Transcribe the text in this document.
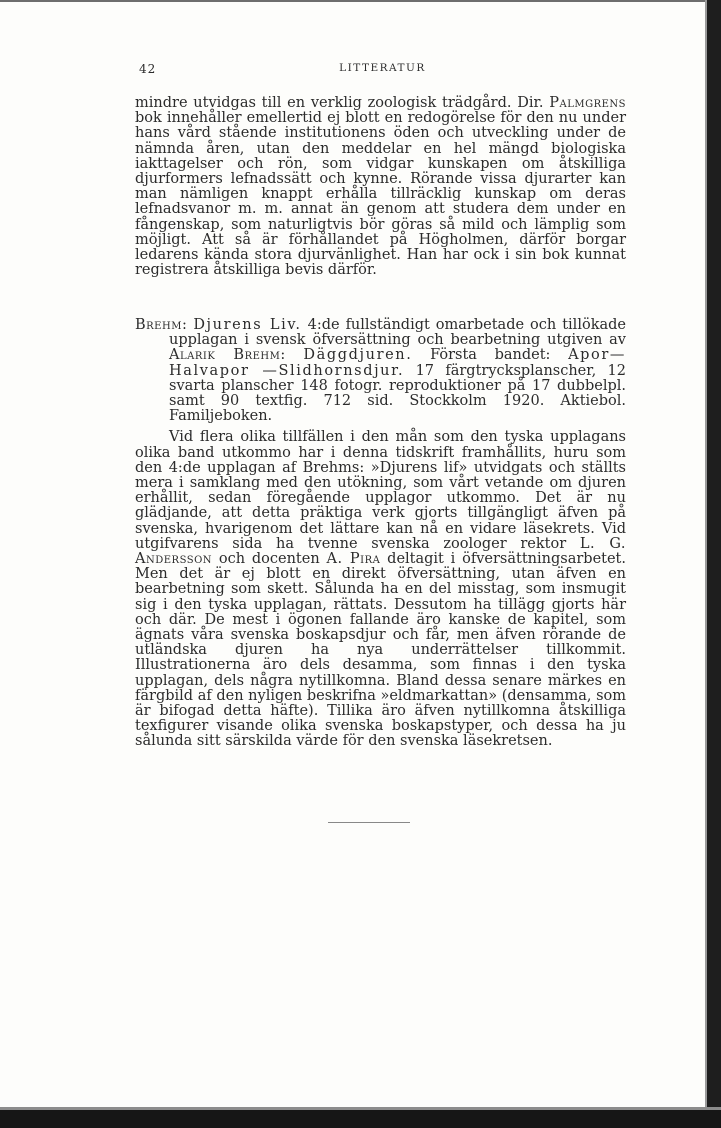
42	LITTERATUR

mindre utvidgas till en verklig zoologisk trädgård. Dir. Palmgrens bok innehåller emellertid ej blott en redogörelse för den nu under hans vård stående institutionens öden och utveckling under de nämnda åren, utan den meddelar en hel mängd biologiska iakttagelser och rön, som vidgar kunskapen om åtskilliga djurformers lefnadssätt och kynne. Rörande vissa djurarter kan man nämligen knappt erhålla tillräcklig kunskap om deras lefnadsvanor m. m. annat än genom att studera dem under en fångenskap, som naturligtvis bör göras så mild och lämplig som möjligt. Att så är förhållandet på Högholmen, därför borgar ledarens kända stora djurvänlighet. Han har ock i sin bok kunnat registrera åtskilliga bevis därför.

Brehm: Djurens Liv. 4:de fullständigt omarbetade och tillökade upplagan i svensk öfversättning och bearbetning utgiven av Alarik Brehm: Däggdjuren. Första bandet: Apor—Halvapor —Slidhornsdjur. 17 färgtrycksplanscher, 12 svarta planscher 148 fotogr. reproduktioner på 17 dubbelpl. samt 90 textfig. 712 sid. Stockkolm 1920. Aktiebol. Familjeboken.

Vid flera olika tillfällen i den mån som den tyska upplagans olika band utkommo har i denna tidskrift framhållits, huru som den 4:de upplagan af Brehms: »Djurens lif» utvidgats och ställts mera i samklang med den utökning, som vårt vetande om djuren erhållit, sedan föregående upplagor utkommo. Det är nu glädjande, att detta präktiga verk gjorts tillgängligt äfven på svenska, hvarigenom det lättare kan nå en vidare läsekrets. Vid utgifvarens sida ha tvenne svenska zoologer rektor L. G. Andersson och docenten A. Pira deltagit i öfversättningsarbetet. Men det är ej blott en direkt öfversättning, utan äfven en bearbetning som skett. Sålunda ha en del misstag, som insmugit sig i den tyska upplagan, rättats. Dessutom ha tillägg gjorts här och där. De mest i ögonen fallande äro kanske de kapitel, som ägnats våra svenska boskapsdjur och får, men äfven rörande de utländska djuren ha nya underrättelser tillkommit. Illustrationerna äro dels desamma, som finnas i den tyska upplagan, dels några nytillkomna. Bland dessa senare märkes en färgbild af den nyligen beskrifna »eldmarkattan» (densamma, som är bifogad detta häfte). Tillika äro äfven nytillkomna åtskilliga texfigurer visande olika svenska boskapstyper, och dessa ha ju sålunda sitt särskilda värde för den svenska läsekretsen.
